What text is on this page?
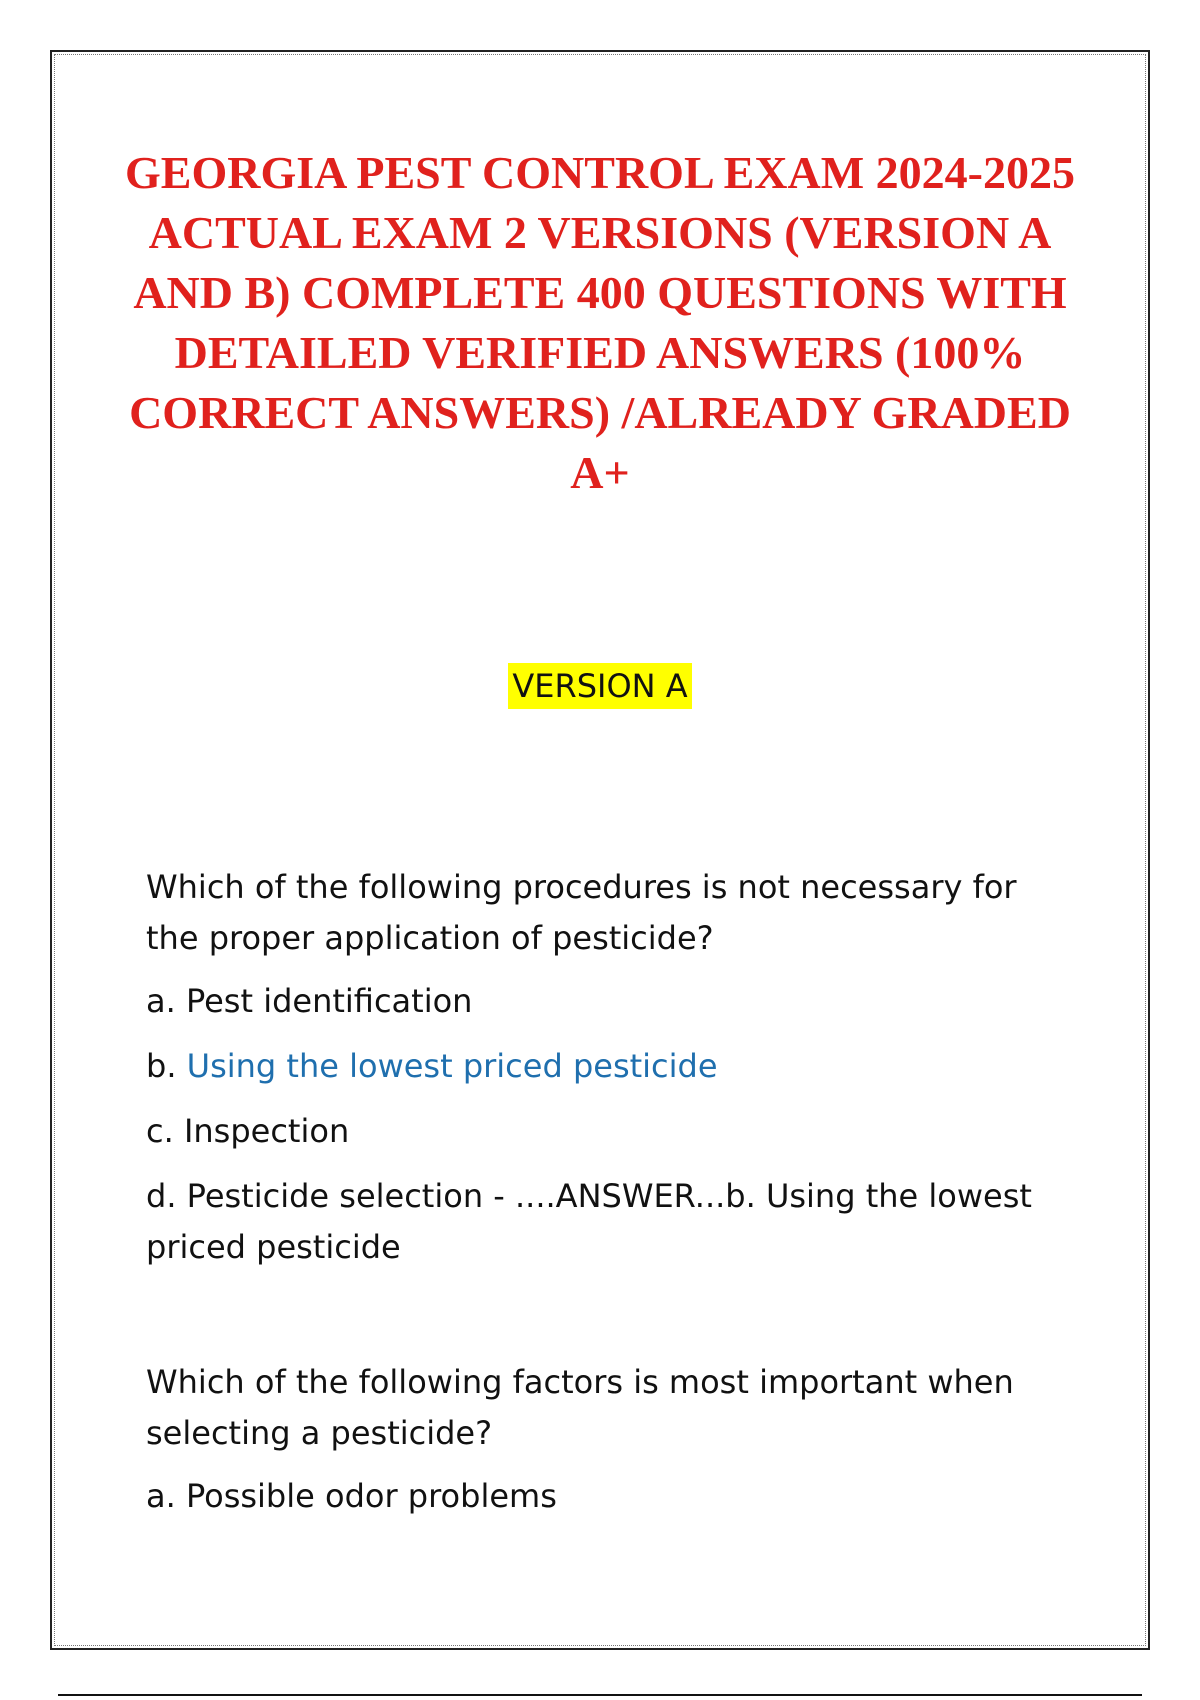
GEORGIA PEST CONTROL EXAM 2024-2025 ACTUAL EXAM 2 VERSIONS (VERSION A AND B) COMPLETE 400 QUESTIONS WITH DETAILED VERIFIED ANSWERS (100% CORRECT ANSWERS) /ALREADY GRADED A+
VERSION A

Which of the following procedures is not necessary for the proper application of pesticide?

a. Pest identification

b. Using the lowest priced pesticide

c. Inspection

d. Pesticide selection - ....ANSWER...b. Using the lowest priced pesticide

Which of the following factors is most important when selecting a pesticide?

a. Possible odor problems
